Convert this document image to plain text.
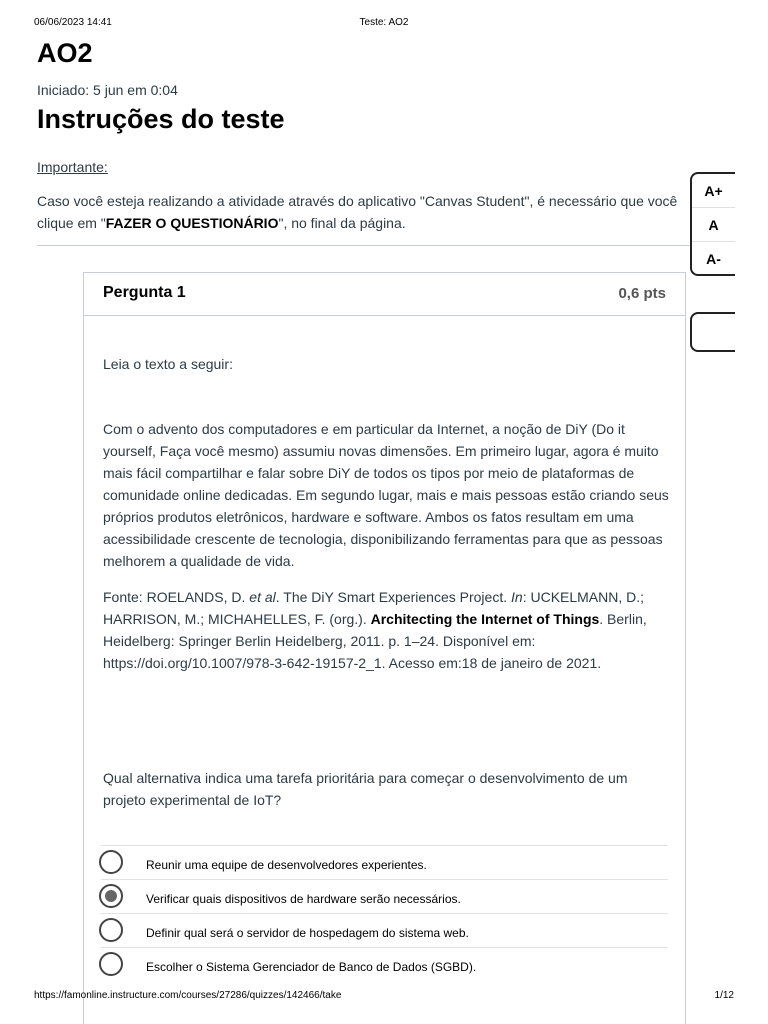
06/06/2023 14:41	Teste: AO2
AO2
Iniciado: 5 jun em 0:04
Instruções do teste
Importante:
Caso você esteja realizando a atividade através do aplicativo "Canvas Student", é necessário que você clique em "FAZER O QUESTIONÁRIO", no final da página.
Pergunta 1	0,6 pts

Leia o texto a seguir:

Com o advento dos computadores e em particular da Internet, a noção de DiY (Do it yourself, Faça você mesmo) assumiu novas dimensões. Em primeiro lugar, agora é muito mais fácil compartilhar e falar sobre DiY de todos os tipos por meio de plataformas de comunidade online dedicadas. Em segundo lugar, mais e mais pessoas estão criando seus próprios produtos eletrônicos, hardware e software. Ambos os fatos resultam em uma acessibilidade crescente de tecnologia, disponibilizando ferramentas para que as pessoas melhorem a qualidade de vida.

Fonte: ROELANDS, D. et al. The DiY Smart Experiences Project. In: UCKELMANN, D.; HARRISON, M.; MICHAHELLES, F. (org.). Architecting the Internet of Things. Berlin, Heidelberg: Springer Berlin Heidelberg, 2011. p. 1–24. Disponível em: https://doi.org/10.1007/978-3-642-19157-2_1. Acesso em:18 de janeiro de 2021.

Qual alternativa indica uma tarefa prioritária para começar o desenvolvimento de um projeto experimental de IoT?

Reunir uma equipe de desenvolvedores experientes.
Verificar quais dispositivos de hardware serão necessários.
Definir qual será o servidor de hospedagem do sistema web.
Escolher o Sistema Gerenciador de Banco de Dados (SGBD).
A+
A
A-
https://famonline.instructure.com/courses/27286/quizzes/142466/take	1/12
